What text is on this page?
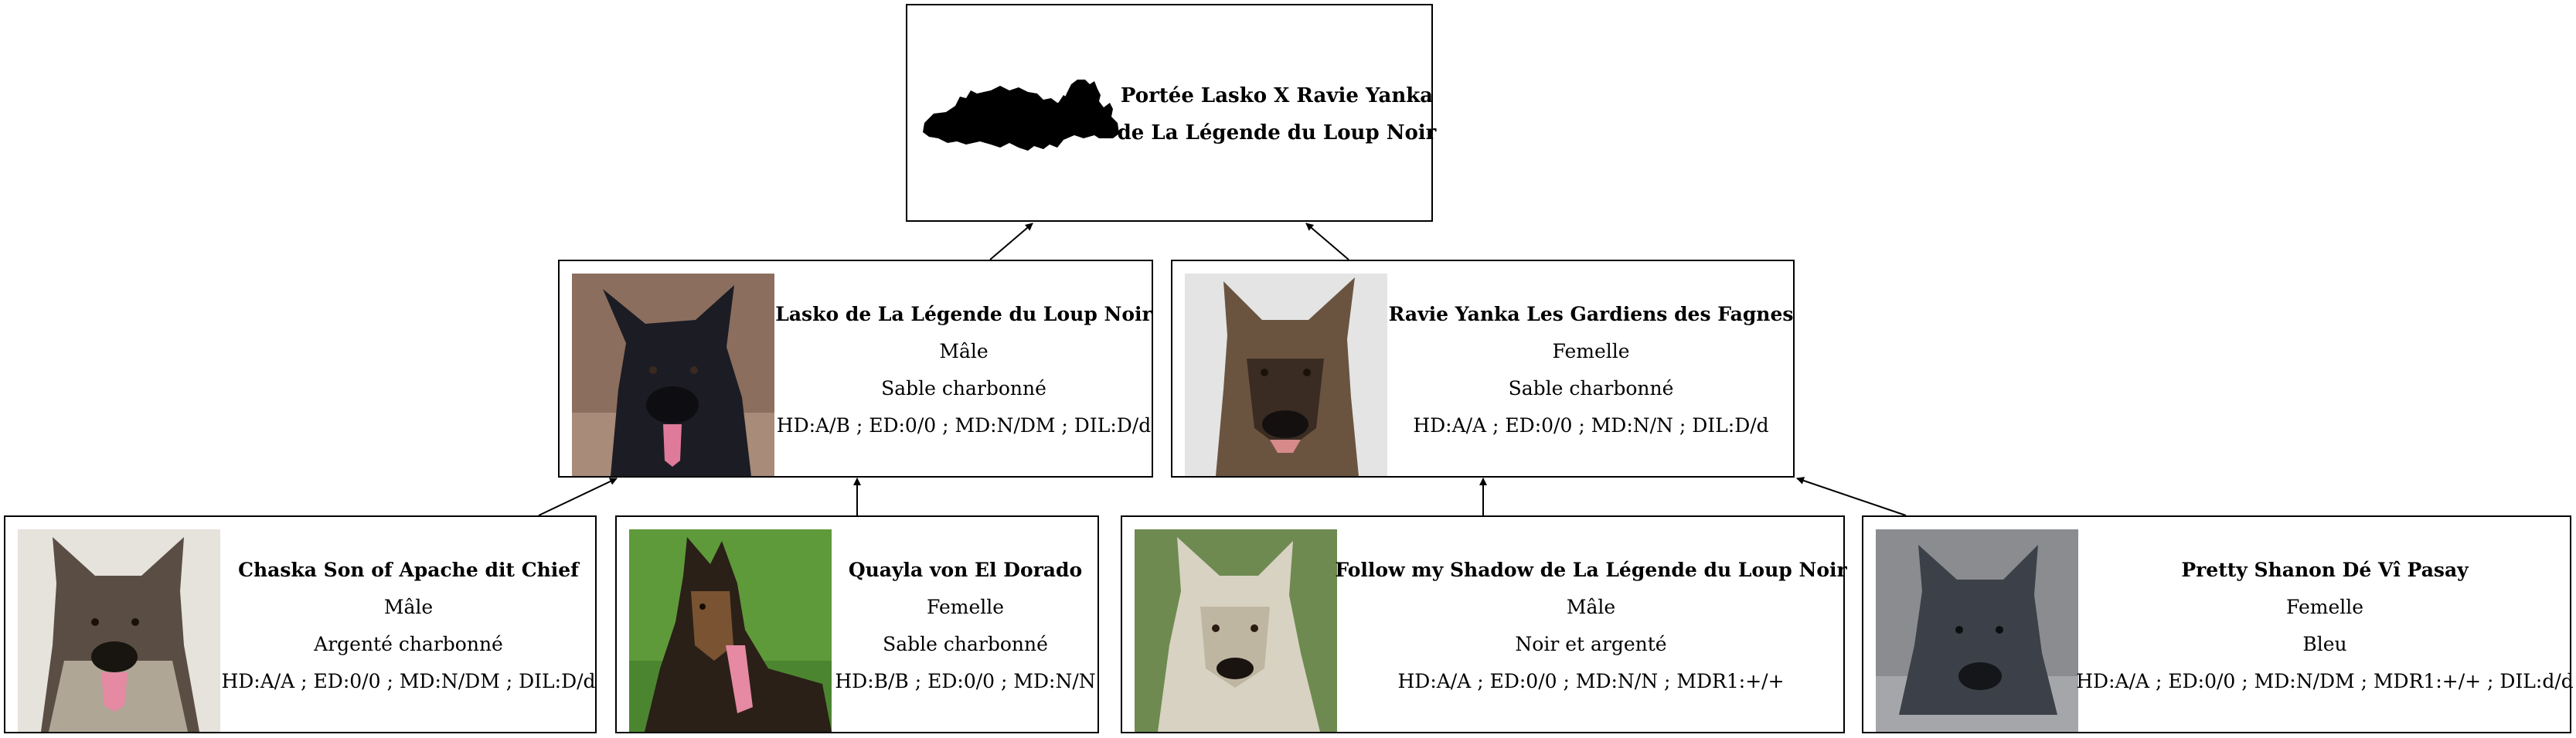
Portée Lasko X Ravie Yanka
de La Légende du Loup Noir
Lasko de La Légende du Loup Noir
Mâle
Sable charbonné
HD:A/B ; ED:0/0 ; MD:N/DM ; DIL:D/d
Ravie Yanka Les Gardiens des Fagnes
Femelle
Sable charbonné
HD:A/A ; ED:0/0 ; MD:N/N ; DIL:D/d
Chaska Son of Apache dit Chief
Mâle
Argenté charbonné
HD:A/A ; ED:0/0 ; MD:N/DM ; DIL:D/d
Quayla von El Dorado
Femelle
Sable charbonné
HD:B/B ; ED:0/0 ; MD:N/N
Follow my Shadow de La Légende du Loup Noir
Mâle
Noir et argenté
HD:A/A ; ED:0/0 ; MD:N/N ; MDR1:+/+
Pretty Shanon Dé Vî Pasay
Femelle
Bleu
HD:A/A ; ED:0/0 ; MD:N/DM ; MDR1:+/+ ; DIL:d/d
